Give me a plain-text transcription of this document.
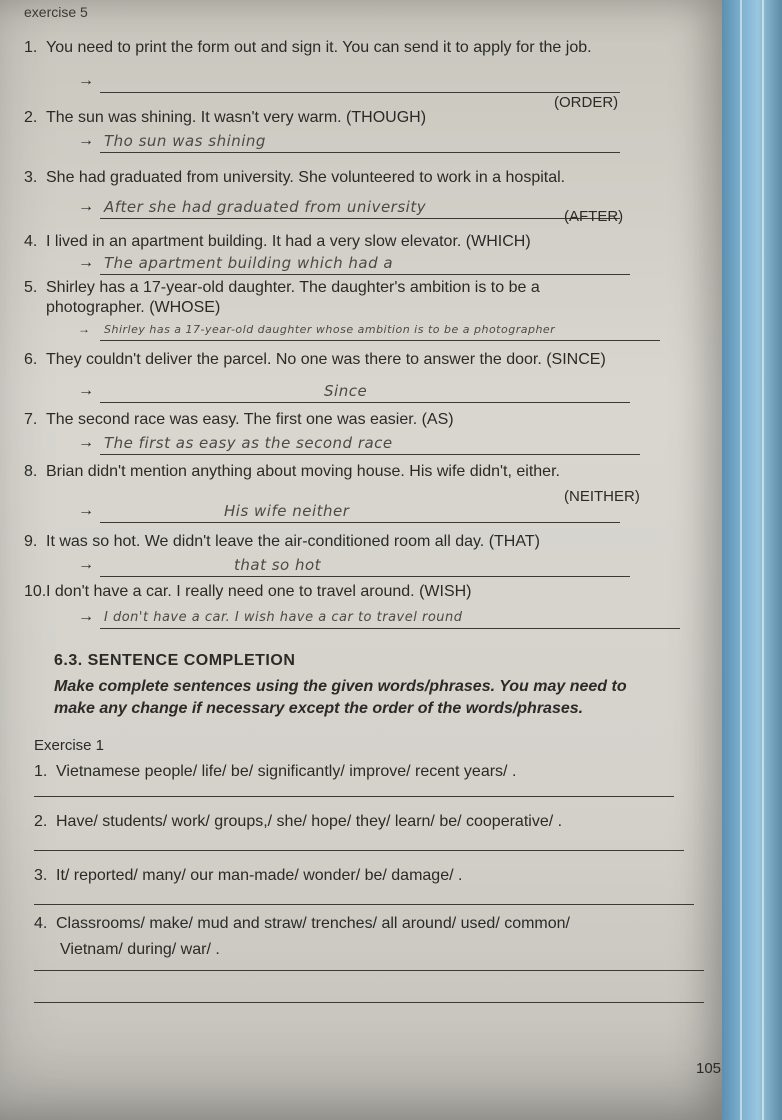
exercise 5
1. You need to print the form out and sign it. You can send it to apply for the job.
→
(ORDER)
2. The sun was shining. It wasn't very warm. (THOUGH)
→ Tho sun was shining
3. She had graduated from university. She volunteered to work in a hospital.
→ After she had graduated from university
(AFTER)
4. I lived in an apartment building. It had a very slow elevator. (WHICH)
→ The apartment building which had a
5. Shirley has a 17-year-old daughter. The daughter's ambition is to be a
photographer. (WHOSE)
→ Shirley has a 17-year-old daughter whose ambition is to be a photographer
6. They couldn't deliver the parcel. No one was there to answer the door. (SINCE)
→	Since
7. The second race was easy. The first one was easier. (AS)
→ The first as easy as the second race
8. Brian didn't mention anything about moving house. His wife didn't, either.
(NEITHER)
→	His wife neither
9. It was so hot. We didn't leave the air-conditioned room all day. (THAT)
→	that so hot
10.I don't have a car. I really need one to travel around. (WISH)
→ I don't have a car. I wish have a car to travel round
6.3. SENTENCE COMPLETION
Make complete sentences using the given words/phrases. You may need to
make any change if necessary except the order of the words/phrases.
Exercise 1
1. Vietnamese people/ life/ be/ significantly/ improve/ recent years/ .
2. Have/ students/ work/ groups,/ she/ hope/ they/ learn/ be/ cooperative/ .
3. It/ reported/ many/ our man-made/ wonder/ be/ damage/ .
4. Classrooms/ make/ mud and straw/ trenches/ all around/ used/ common/
Vietnam/ during/ war/ .
105
